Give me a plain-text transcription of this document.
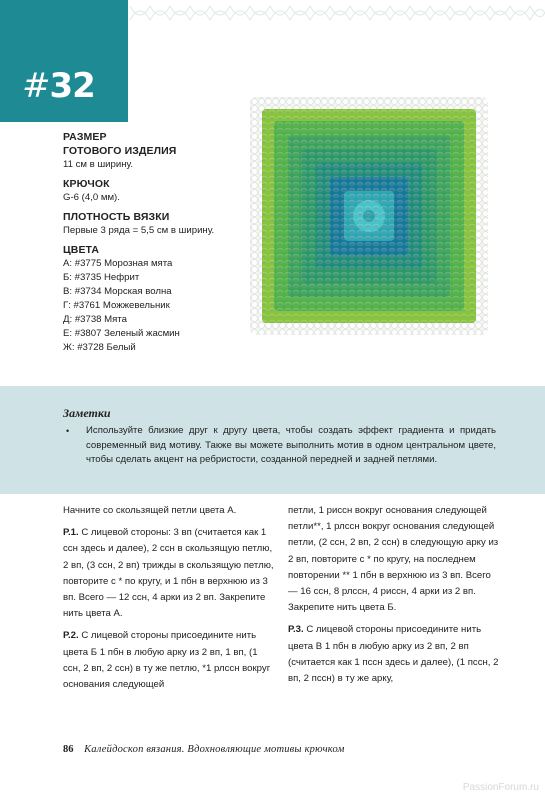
#32
РАЗМЕР
ГОТОВОГО ИЗДЕЛИЯ
11 см в ширину.
КРЮЧОК
G-6 (4,0 мм).
ПЛОТНОСТЬ ВЯЗКИ
Первые 3 ряда = 5,5 см в ширину.
ЦВЕТА
А: #3775 Морозная мята
Б: #3735 Нефрит
В: #3734 Морская волна
Г: #3761 Можжевельник
Д: #3738 Мята
Е: #3807 Зеленый жасмин
Ж: #3728 Белый
Заметки
• Используйте близкие друг к другу цвета, чтобы создать эффект градиента и придать современный вид мотиву. Также вы можете выполнить мотив в одном центральном цвете, чтобы сделать акцент на ребристости, созданной передней и задней петлями.

Начните со скользящей петли цвета А.

Р.1. С лицевой стороны: 3 вп (считается как 1 ссн здесь и далее), 2 ссн в скользящую петлю, 2 вп, (3 ссн, 2 вп) трижды в скользящую петлю, повторите с * по кругу, и 1 пбн в верхнюю из 3 вп. Всего — 12 ссн, 4 арки из 2 вп. Закрепите нить цвета А.

Р.2. С лицевой стороны присоедините нить цвета Б 1 пбн в любую арку из 2 вп, 1 вп, (1 ссн, 2 вп, 2 ссн) в ту же петлю, *1 рлссн вокруг основания следующей

петли, 1 риссн вокруг основания следующей петли**, 1 рлссн вокруг основания следующей петли, (2 ссн, 2 вп, 2 ссн) в следующую арку из 2 вп, повторите с * по кругу, на последнем повторении ** 1 пбн в верхнюю из 3 вп. Всего — 16 ссн, 8 рлссн, 4 риссн, 4 арки из 2 вп. Закрепите нить цвета Б.

Р.3. С лицевой стороны присоедините нить цвета В 1 пбн в любую арку из 2 вп, 2 вп (считается как 1 пссн здесь и далее), (1 пссн, 2 вп, 2 пссн) в ту же арку,

86 Калейдоскоп вязания. Вдохновляющие мотивы крючком
PassionForum.ru
